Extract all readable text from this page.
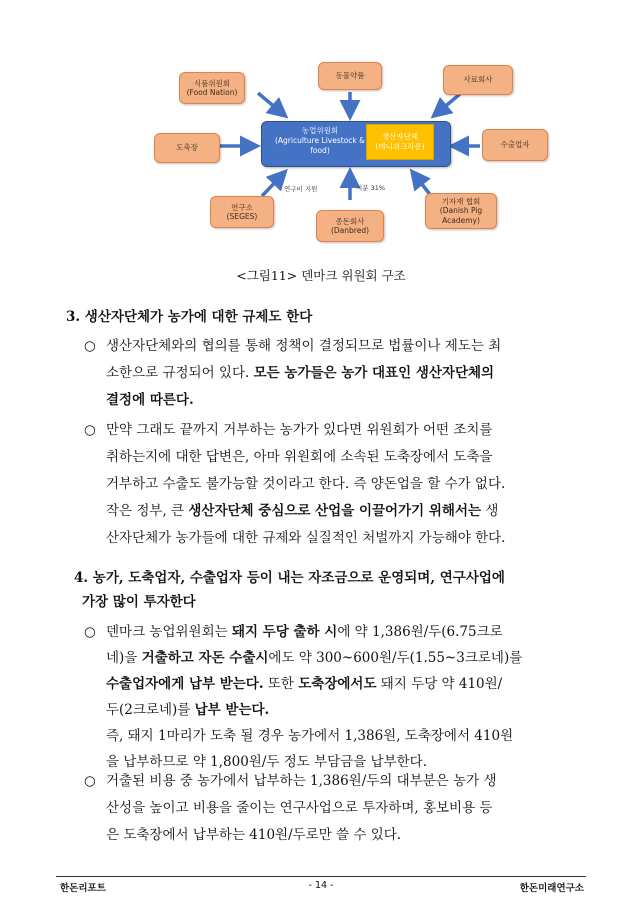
농업위원회
(Agriculture Livestock &
food)
생산자단체
(데니쉬크라운)
식품위원회
(Food Nation)
동물약품	사료회사
도축장	수출업자
연구소
(SEGES)
종돈회사
(Danbred)
기자재 협회
(Danish Pig
Academy)
연구비 지원	지분 31%
<그림11> 덴마크 위원회 구조
3. 생산자단체가 농가에 대한 규제도 한다
○ 생산자단체와의 협의를 통해 정책이 결정되므로 법률이나 제도는 최
소한으로 규정되어 있다. 모든 농가들은 농가 대표인 생산자단체의
결정에 따른다.
○ 만약 그래도 끝까지 거부하는 농가가 있다면 위원회가 어떤 조치를
취하는지에 대한 답변은, 아마 위원회에 소속된 도축장에서 도축을
거부하고 수출도 불가능할 것이라고 한다. 즉 양돈업을 할 수가 없다.
작은 정부, 큰 생산자단체 중심으로 산업을 이끌어가기 위해서는 생
산자단체가 농가들에 대한 규제와 실질적인 처벌까지 가능해야 한다.
4. 농가, 도축업자, 수출업자 등이 내는 자조금으로 운영되며, 연구사업에
가장 많이 투자한다
○ 덴마크 농업위원회는 돼지 두당 출하 시에 약 1,386원/두(6.75크로
네)을 거출하고 자돈 수출시에도 약 300~600원/두(1.55~3크로네)를
수출업자에게 납부 받는다. 또한 도축장에서도 돼지 두당 약 410원/
두(2크로네)를 납부 받는다.
즉, 돼지 1마리가 도축 될 경우 농가에서 1,386원, 도축장에서 410원
을 납부하므로 약 1,800원/두 정도 부담금을 납부한다.
○ 거출된 비용 중 농가에서 납부하는 1,386원/두의 대부분은 농가 생
산성을 높이고 비용을 줄이는 연구사업으로 투자하며, 홍보비용 등
은 도축장에서 납부하는 410원/두로만 쓸 수 있다.
한돈리포트	- 14 -	한돈미래연구소
